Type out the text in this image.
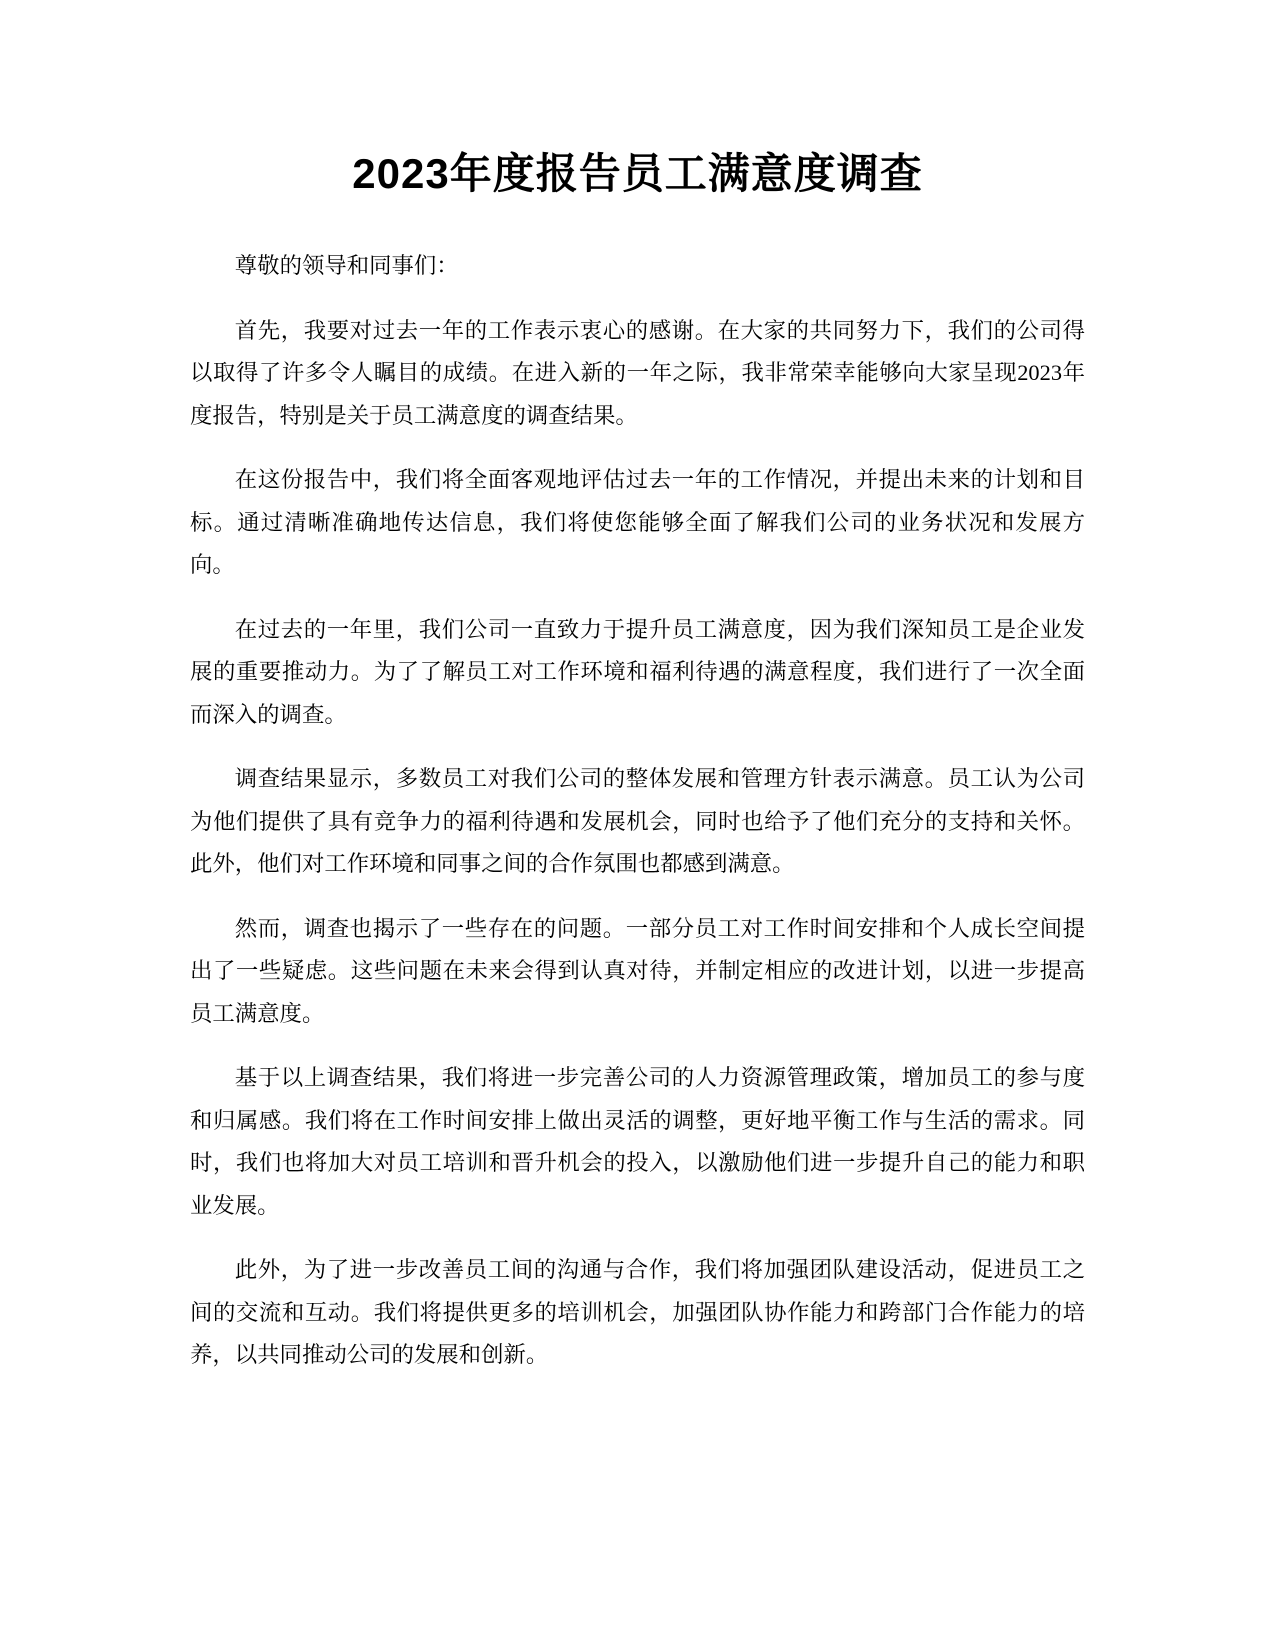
2023年度报告员工满意度调查

尊敬的领导和同事们：

首先，我要对过去一年的工作表示衷心的感谢。在大家的共同努力下，我们的公司得以取得了许多令人瞩目的成绩。在进入新的一年之际，我非常荣幸能够向大家呈现2023年度报告，特别是关于员工满意度的调查结果。

在这份报告中，我们将全面客观地评估过去一年的工作情况，并提出未来的计划和目标。通过清晰准确地传达信息，我们将使您能够全面了解我们公司的业务状况和发展方向。

在过去的一年里，我们公司一直致力于提升员工满意度，因为我们深知员工是企业发展的重要推动力。为了了解员工对工作环境和福利待遇的满意程度，我们进行了一次全面而深入的调查。

调查结果显示，多数员工对我们公司的整体发展和管理方针表示满意。员工认为公司为他们提供了具有竞争力的福利待遇和发展机会，同时也给予了他们充分的支持和关怀。此外，他们对工作环境和同事之间的合作氛围也都感到满意。

然而，调查也揭示了一些存在的问题。一部分员工对工作时间安排和个人成长空间提出了一些疑虑。这些问题在未来会得到认真对待，并制定相应的改进计划，以进一步提高员工满意度。

基于以上调查结果，我们将进一步完善公司的人力资源管理政策，增加员工的参与度和归属感。我们将在工作时间安排上做出灵活的调整，更好地平衡工作与生活的需求。同时，我们也将加大对员工培训和晋升机会的投入，以激励他们进一步提升自己的能力和职业发展。

此外，为了进一步改善员工间的沟通与合作，我们将加强团队建设活动，促进员工之间的交流和互动。我们将提供更多的培训机会，加强团队协作能力和跨部门合作能力的培养，以共同推动公司的发展和创新。
